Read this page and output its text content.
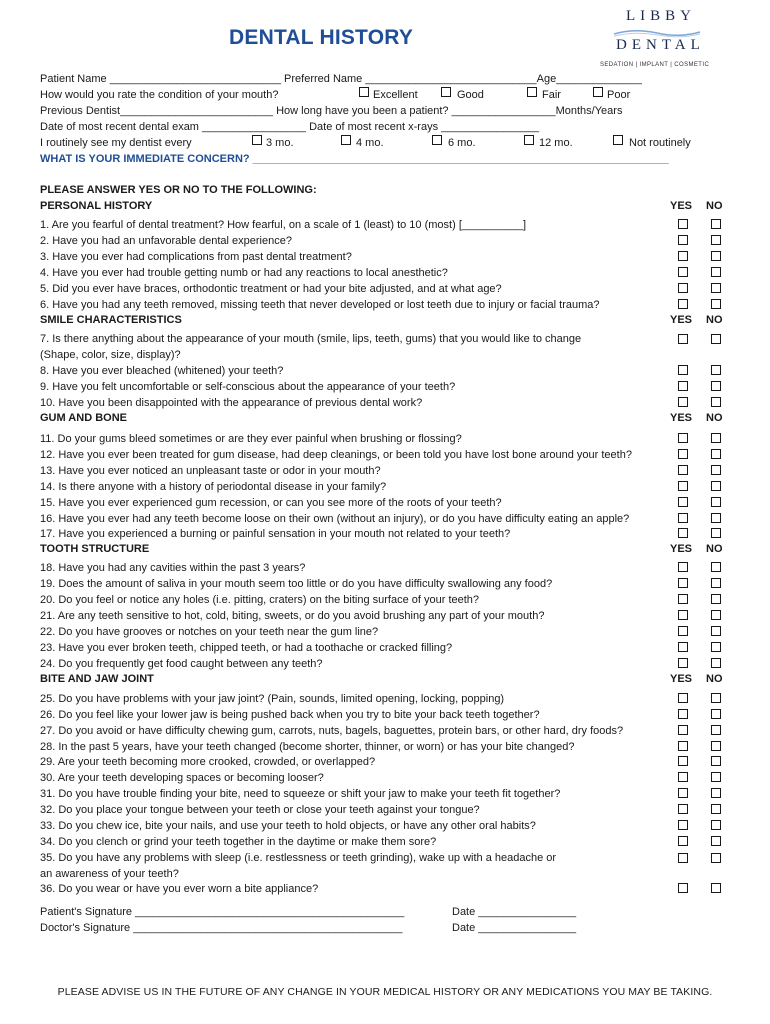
DENTAL HISTORY
LIBBY
DENTAL
SEDATION | IMPLANT | COSMETIC
Patient Name ____________________________ Preferred Name ____________________________Age______________
How would you rate the condition of your mouth?	Excellent	Good	Fair	Poor
Previous Dentist_________________________ How long have you been a patient? _________________Months/Years
Date of most recent dental exam _________________ Date of most recent x-rays ________________
I routinely see my dentist every	3 mo.	4 mo.	6 mo.	12 mo.	Not routinely
WHAT IS YOUR IMMEDIATE CONCERN? ____________________________________________________________________
PLEASE ANSWER YES OR NO TO THE FOLLOWING:
PERSONAL HISTORY	YES NO
1. Are you fearful of dental treatment? How fearful, on a scale of 1 (least) to 10 (most) [__________]
2. Have you had an unfavorable dental experience?
3. Have you ever had complications from past dental treatment?
4. Have you ever had trouble getting numb or had any reactions to local anesthetic?
5. Did you ever have braces, orthodontic treatment or had your bite adjusted, and at what age?
6. Have you had any teeth removed, missing teeth that never developed or lost teeth due to injury or facial trauma?
SMILE CHARACTERISTICS	YES NO
7. Is there anything about the appearance of your mouth (smile, lips, teeth, gums) that you would like to change
(Shape, color, size, display)?
8. Have you ever bleached (whitened) your teeth?
9. Have you felt uncomfortable or self-conscious about the appearance of your teeth?
10. Have you been disappointed with the appearance of previous dental work?
GUM AND BONE	YES NO
11. Do your gums bleed sometimes or are they ever painful when brushing or flossing?
12. Have you ever been treated for gum disease, had deep cleanings, or been told you have lost bone around your teeth?
13. Have you ever noticed an unpleasant taste or odor in your mouth?
14. Is there anyone with a history of periodontal disease in your family?
15. Have you ever experienced gum recession, or can you see more of the roots of your teeth?
16. Have you ever had any teeth become loose on their own (without an injury), or do you have difficulty eating an apple?
17. Have you experienced a burning or painful sensation in your mouth not related to your teeth?
TOOTH STRUCTURE	YES NO
18. Have you had any cavities within the past 3 years?
19. Does the amount of saliva in your mouth seem too little or do you have difficulty swallowing any food?
20. Do you feel or notice any holes (i.e. pitting, craters) on the biting surface of your teeth?
21. Are any teeth sensitive to hot, cold, biting, sweets, or do you avoid brushing any part of your mouth?
22. Do you have grooves or notches on your teeth near the gum line?
23. Have you ever broken teeth, chipped teeth, or had a toothache or cracked filling?
24. Do you frequently get food caught between any teeth?
BITE AND JAW JOINT	YES NO
25. Do you have problems with your jaw joint? (Pain, sounds, limited opening, locking, popping)
26. Do you feel like your lower jaw is being pushed back when you try to bite your back teeth together?
27. Do you avoid or have difficulty chewing gum, carrots, nuts, bagels, baguettes, protein bars, or other hard, dry foods?
28. In the past 5 years, have your teeth changed (become shorter, thinner, or worn) or has your bite changed?
29. Are your teeth becoming more crooked, crowded, or overlapped?
30. Are your teeth developing spaces or becoming looser?
31. Do you have trouble finding your bite, need to squeeze or shift your jaw to make your teeth fit together?
32. Do you place your tongue between your teeth or close your teeth against your tongue?
33. Do you chew ice, bite your nails, and use your teeth to hold objects, or have any other oral habits?
34. Do you clench or grind your teeth together in the daytime or make them sore?
35. Do you have any problems with sleep (i.e. restlessness or teeth grinding), wake up with a headache or
an awareness of your teeth?
36. Do you wear or have you ever worn a bite appliance?
Patient's Signature ____________________________________________	Date ________________
Doctor's Signature ____________________________________________	Date ________________
PLEASE ADVISE US IN THE FUTURE OF ANY CHANGE IN YOUR MEDICAL HISTORY OR ANY MEDICATIONS YOU MAY BE TAKING.
